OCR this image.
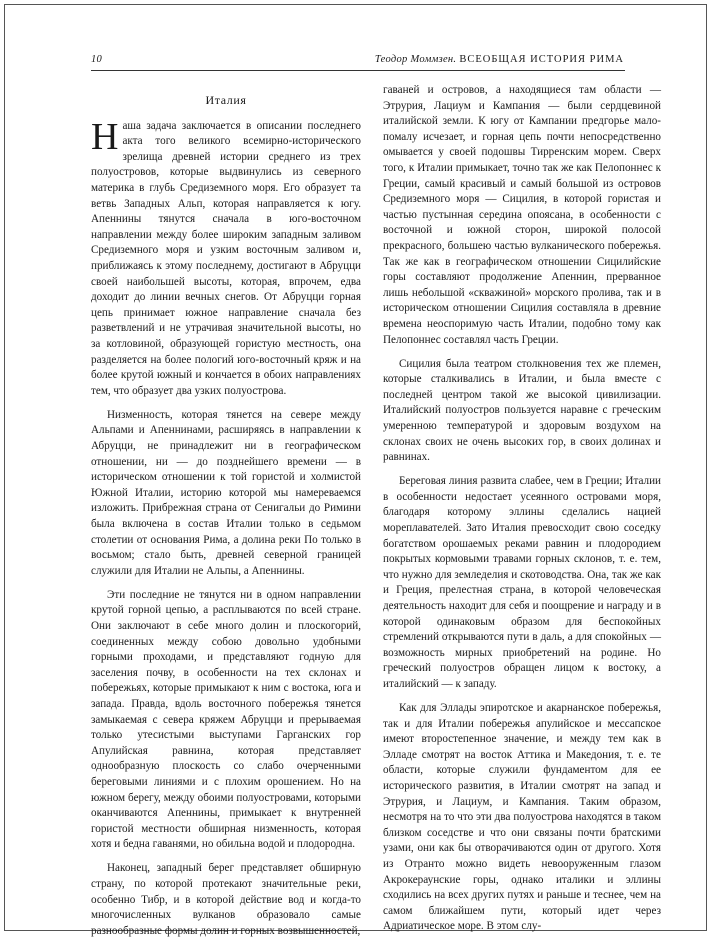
10	Теодор Моммзен. ВСЕОБЩАЯ ИСТОРИЯ РИМА
Италия

Наша задача заключается в описании последнего акта того великого всемирно-исторического зрелища древней истории среднего из трех полуостровов, которые выдвинулись из северного материка в глубь Средиземного моря. Его образует та ветвь Западных Альп, которая направляется к югу. Апеннины тянутся сначала в юго-восточном направлении между более широким западным заливом Средиземного моря и узким восточным заливом и, приближаясь к этому последнему, достигают в Абруцци своей наибольшей высоты, которая, впрочем, едва доходит до линии вечных снегов. От Абруцци горная цепь принимает южное направление сначала без разветвлений и не утрачивая значительной высоты, но за котловиной, образующей гористую местность, она разделяется на более пологий юго-восточный кряж и на более крутой южный и кончается в обоих направлениях тем, что образует два узких полуострова.

Низменность, которая тянется на севере между Альпами и Апеннинами, расширяясь в направлении к Абруцци, не принадлежит ни в географическом отношении, ни — до позднейшего времени — в историческом отношении к той гористой и холмистой Южной Италии, историю которой мы намереваемся изложить. Прибрежная страна от Сенигальи до Римини была включена в состав Италии только в седьмом столетии от основания Рима, а долина реки По только в восьмом; стало быть, древней северной границей служили для Италии не Альпы, а Апеннины.

Эти последние не тянутся ни в одном направлении крутой горной цепью, а расплываются по всей стране. Они заключают в себе много долин и плоскогорий, соединенных между собою довольно удобными горными проходами, и представляют годную для заселения почву, в особенности на тех склонах и побережьях, которые примыкают к ним с востока, юга и запада. Правда, вдоль восточного побережья тянется замыкаемая с севера кряжем Абруцци и прерываемая только утесистыми выступами Гарганских гор Апулийская равнина, которая представляет однообразную плоскость со слабо очерченными береговыми линиями и с плохим орошением. Но на южном берегу, между обоими полуостровами, которыми оканчиваются Апеннины, примыкает к внутренней гористой местности обширная низменность, которая хотя и бедна гаванями, но обильна водой и плодородна.

Наконец, западный берег представляет обширную страну, по которой протекают значительные реки, особенно Тибр, и в которой действие вод и когда-то многочисленных вулканов образовало самые разнообразные формы долин и горных возвышенностей,

гаваней и островов, а находящиеся там области — Этрурия, Лациум и Кампания — были сердцевиной италийской земли. К югу от Кампании предгорье мало-помалу исчезает, и горная цепь почти непосредственно омывается у своей подошвы Тирренским морем. Сверх того, к Италии примыкает, точно так же как Пелопоннес к Греции, самый красивый и самый большой из островов Средиземного моря — Сицилия, в которой гористая и частью пустынная середина опоясана, в особенности с восточной и южной сторон, широкой полосой прекрасного, большею частью вулканического побережья. Так же как в географическом отношении Сицилийские горы составляют продолжение Апеннин, прерванное лишь небольшой «скважиной» морского пролива, так и в историческом отношении Сицилия составляла в древние времена неоспоримую часть Италии, подобно тому как Пелопоннес составлял часть Греции.

Сицилия была театром столкновения тех же племен, которые сталкивались в Италии, и была вместе с последней центром такой же высокой цивилизации. Италийский полуостров пользуется наравне с греческим умеренною температурой и здоровым воздухом на склонах своих не очень высоких гор, в своих долинах и равнинах.

Береговая линия развита слабее, чем в Греции; Италии в особенности недостает усеянного островами моря, благодаря которому эллины сделались нацией мореплавателей. Зато Италия превосходит свою соседку богатством орошаемых реками равнин и плодородием покрытых кормовыми травами горных склонов, т. е. тем, что нужно для земледелия и скотоводства. Она, так же как и Греция, прелестная страна, в которой человеческая деятельность находит для себя и поощрение и награду и в которой одинаковым образом для беспокойных стремлений открываются пути в даль, а для спокойных — возможность мирных приобретений на родине. Но греческий полуостров обращен лицом к востоку, а италийский — к западу.

Как для Эллады эпиротское и акарнанское побережья, так и для Италии побережья апулийское и мессапское имеют второстепенное значение, и между тем как в Элладе смотрят на восток Аттика и Македония, т. е. те области, которые служили фундаментом для ее исторического развития, в Италии смотрят на запад и Этрурия, и Лациум, и Кампания. Таким образом, несмотря на то что эти два полуострова находятся в таком близком соседстве и что они связаны почти братскими узами, они как бы отворачиваются один от другого. Хотя из Отранто можно видеть невооруженным глазом Акрокераунские горы, однако италики и эллины сходились на всех других путях и раньше и теснее, чем на самом ближайшем пути, который идет через Адриатическое море. В этом слу-
